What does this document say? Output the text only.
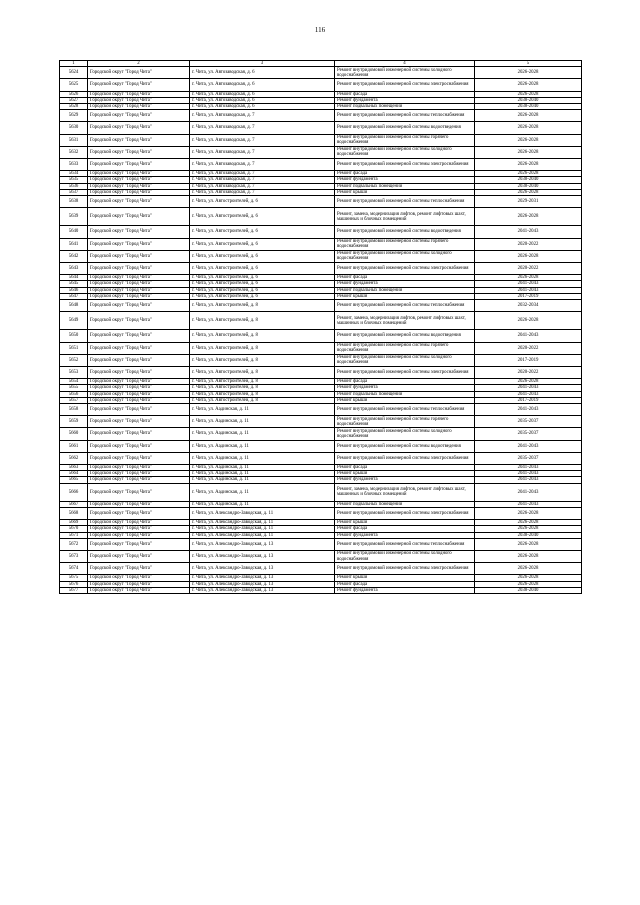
116
1	2	3	4	5
5624	Городской округ "Город Чита"	г. Чита, ул. Автозаводская, д. 6	Ремонт внутридомовой инженерной системы холодного водоснабжения	2026-2028
5625	Городской округ "Город Чита"	г. Чита, ул. Автозаводская, д. 6	Ремонт внутридомовой инженерной системы электроснабжения	2026-2028
5626	Городской округ "Город Чита"	г. Чита, ул. Автозаводская, д. 6	Ремонт фасада	2026-2028
5627	Городской округ "Город Чита"	г. Чита, ул. Автозаводская, д. 6	Ремонт фундамента	2038-2040
5628	Городской округ "Город Чита"	г. Чита, ул. Автозаводская, д. 6	Ремонт подвальных помещений	2038-2040
5629	Городской округ "Город Чита"	г. Чита, ул. Автозаводская, д. 7	Ремонт внутридомовой инженерной системы теплоснабжения	2026-2028
5630	Городской округ "Город Чита"	г. Чита, ул. Автозаводская, д. 7	Ремонт внутридомовой инженерной системы водоотведения	2026-2028
5631	Городской округ "Город Чита"	г. Чита, ул. Автозаводская, д. 7	Ремонт внутридомовой инженерной системы горячего водоснабжения	2026-2028
5632	Городской округ "Город Чита"	г. Чита, ул. Автозаводская, д. 7	Ремонт внутридомовой инженерной системы холодного водоснабжения	2026-2028
5633	Городской округ "Город Чита"	г. Чита, ул. Автозаводская, д. 7	Ремонт внутридомовой инженерной системы электроснабжения	2026-2028
5634	Городской округ "Город Чита"	г. Чита, ул. Автозаводская, д. 7	Ремонт фасада	2026-2028
5635	Городской округ "Город Чита"	г. Чита, ул. Автозаводская, д. 7	Ремонт фундамента	2038-2040
5636	Городской округ "Город Чита"	г. Чита, ул. Автозаводская, д. 7	Ремонт подвальных помещений	2038-2040
5637	Городской округ "Город Чита"	г. Чита, ул. Автозаводская, д. 7	Ремонт крыши	2026-2028
5638	Городской округ "Город Чита"	г. Чита, ул. Автостроителей, д. 6	Ремонт внутридомовой инженерной системы теплоснабжения	2029-2031
5639	Городской округ "Город Чита"	г. Чита, ул. Автостроителей, д. 6	Ремонт, замена, модернизация лифтов, ремонт лифтовых шахт, машинных и блочных помещений	2026-2028
5640	Городской округ "Город Чита"	г. Чита, ул. Автостроителей, д. 6	Ремонт внутридомовой инженерной системы водоотведения	2041-2043
5641	Городской округ "Город Чита"	г. Чита, ул. Автостроителей, д. 6	Ремонт внутридомовой инженерной системы горячего водоснабжения	2020-2022
5642	Городской округ "Город Чита"	г. Чита, ул. Автостроителей, д. 6	Ремонт внутридомовой инженерной системы холодного водоснабжения	2026-2028
5643	Городской округ "Город Чита"	г. Чита, ул. Автостроителей, д. 6	Ремонт внутридомовой инженерной системы электроснабжения	2020-2022
5644	Городской округ "Город Чита"	г. Чита, ул. Автостроителей, д. 6	Ремонт фасада	2026-2028
5645	Городской округ "Город Чита"	г. Чита, ул. Автостроителей, д. 6	Ремонт фундамента	2041-2043
5646	Городской округ "Город Чита"	г. Чита, ул. Автостроителей, д. 6	Ремонт подвальных помещений	2041-2043
5647	Городской округ "Город Чита"	г. Чита, ул. Автостроителей, д. 6	Ремонт крыши	2017-2019
5648	Городской округ "Город Чита"	г. Чита, ул. Автостроителей, д. 8	Ремонт внутридомовой инженерной системы теплоснабжения	2032-2034
5649	Городской округ "Город Чита"	г. Чита, ул. Автостроителей, д. 8	Ремонт, замена, модернизация лифтов, ремонт лифтовых шахт, машинных и блочных помещений	2026-2028
5650	Городской округ "Город Чита"	г. Чита, ул. Автостроителей, д. 8	Ремонт внутридомовой инженерной системы водоотведения	2041-2043
5651	Городской округ "Город Чита"	г. Чита, ул. Автостроителей, д. 8	Ремонт внутридомовой инженерной системы горячего водоснабжения	2020-2022
5652	Городской округ "Город Чита"	г. Чита, ул. Автостроителей, д. 8	Ремонт внутридомовой инженерной системы холодного водоснабжения	2017-2019
5653	Городской округ "Город Чита"	г. Чита, ул. Автостроителей, д. 8	Ремонт внутридомовой инженерной системы электроснабжения	2020-2022
5654	Городской округ "Город Чита"	г. Чита, ул. Автостроителей, д. 8	Ремонт фасада	2026-2028
5655	Городской округ "Город Чита"	г. Чита, ул. Автостроителей, д. 8	Ремонт фундамента	2041-2043
5656	Городской округ "Город Чита"	г. Чита, ул. Автостроителей, д. 8	Ремонт подвальных помещений	2041-2043
5657	Городской округ "Город Чита"	г. Чита, ул. Автостроителей, д. 8	Ремонт крыши	2017-2019
5658	Городской округ "Город Чита"	г. Чита, ул. Аадинская, д. 11	Ремонт внутридомовой инженерной системы теплоснабжения	2041-2043
5659	Городской округ "Город Чита"	г. Чита, ул. Аадинская, д. 11	Ремонт внутридомовой инженерной системы горячего водоснабжения	2035-2037
5660	Городской округ "Город Чита"	г. Чита, ул. Аадинская, д. 11	Ремонт внутридомовой инженерной системы холодного водоснабжения	2035-2037
5661	Городской округ "Город Чита"	г. Чита, ул. Аадинская, д. 11	Ремонт внутридомовой инженерной системы водоотведения	2041-2043
5662	Городской округ "Город Чита"	г. Чита, ул. Аадинская, д. 11	Ремонт внутридомовой инженерной системы электроснабжения	2035-2037
5663	Городской округ "Город Чита"	г. Чита, ул. Аадинская, д. 11	Ремонт фасада	2041-2043
5664	Городской округ "Город Чита"	г. Чита, ул. Аадинская, д. 11	Ремонт крыши	2041-2043
5665	Городской округ "Город Чита"	г. Чита, ул. Аадинская, д. 11	Ремонт фундамента	2041-2043
5666	Городской округ "Город Чита"	г. Чита, ул. Аадинская, д. 11	Ремонт, замена, модернизация лифтов, ремонт лифтовых шахт, машинных и блочных помещений	2041-2043
5667	Городской округ "Город Чита"	г. Чита, ул. Аадинская, д. 11	Ремонт подвальных помещений	2041-2043
5668	Городской округ "Город Чита"	г. Чита, ул. Александро-Заводская, д. 11	Ремонт внутридомовой инженерной системы электроснабжения	2026-2028
5669	Городской округ "Город Чита"	г. Чита, ул. Александро-Заводская, д. 11	Ремонт крыши	2026-2028
5670	Городской округ "Город Чита"	г. Чита, ул. Александро-Заводская, д. 11	Ремонт фасада	2026-2028
5671	Городской округ "Город Чита"	г. Чита, ул. Александро-Заводская, д. 11	Ремонт фундамента	2038-2040
5672	Городской округ "Город Чита"	г. Чита, ул. Александро-Заводская, д. 13	Ремонт внутридомовой инженерной системы теплоснабжения	2026-2028
5673	Городской округ "Город Чита"	г. Чита, ул. Александро-Заводская, д. 13	Ремонт внутридомовой инженерной системы холодного водоснабжения	2026-2028
5674	Городской округ "Город Чита"	г. Чита, ул. Александро-Заводская, д. 13	Ремонт внутридомовой инженерной системы электроснабжения	2026-2028
5675	Городской округ "Город Чита"	г. Чита, ул. Александро-Заводская, д. 13	Ремонт крыши	2026-2028
5676	Городской округ "Город Чита"	г. Чита, ул. Александро-Заводская, д. 13	Ремонт фасада	2026-2028
5677	Городской округ "Город Чита"	г. Чита, ул. Александро-Заводская, д. 13	Ремонт фундамента	2038-2040
